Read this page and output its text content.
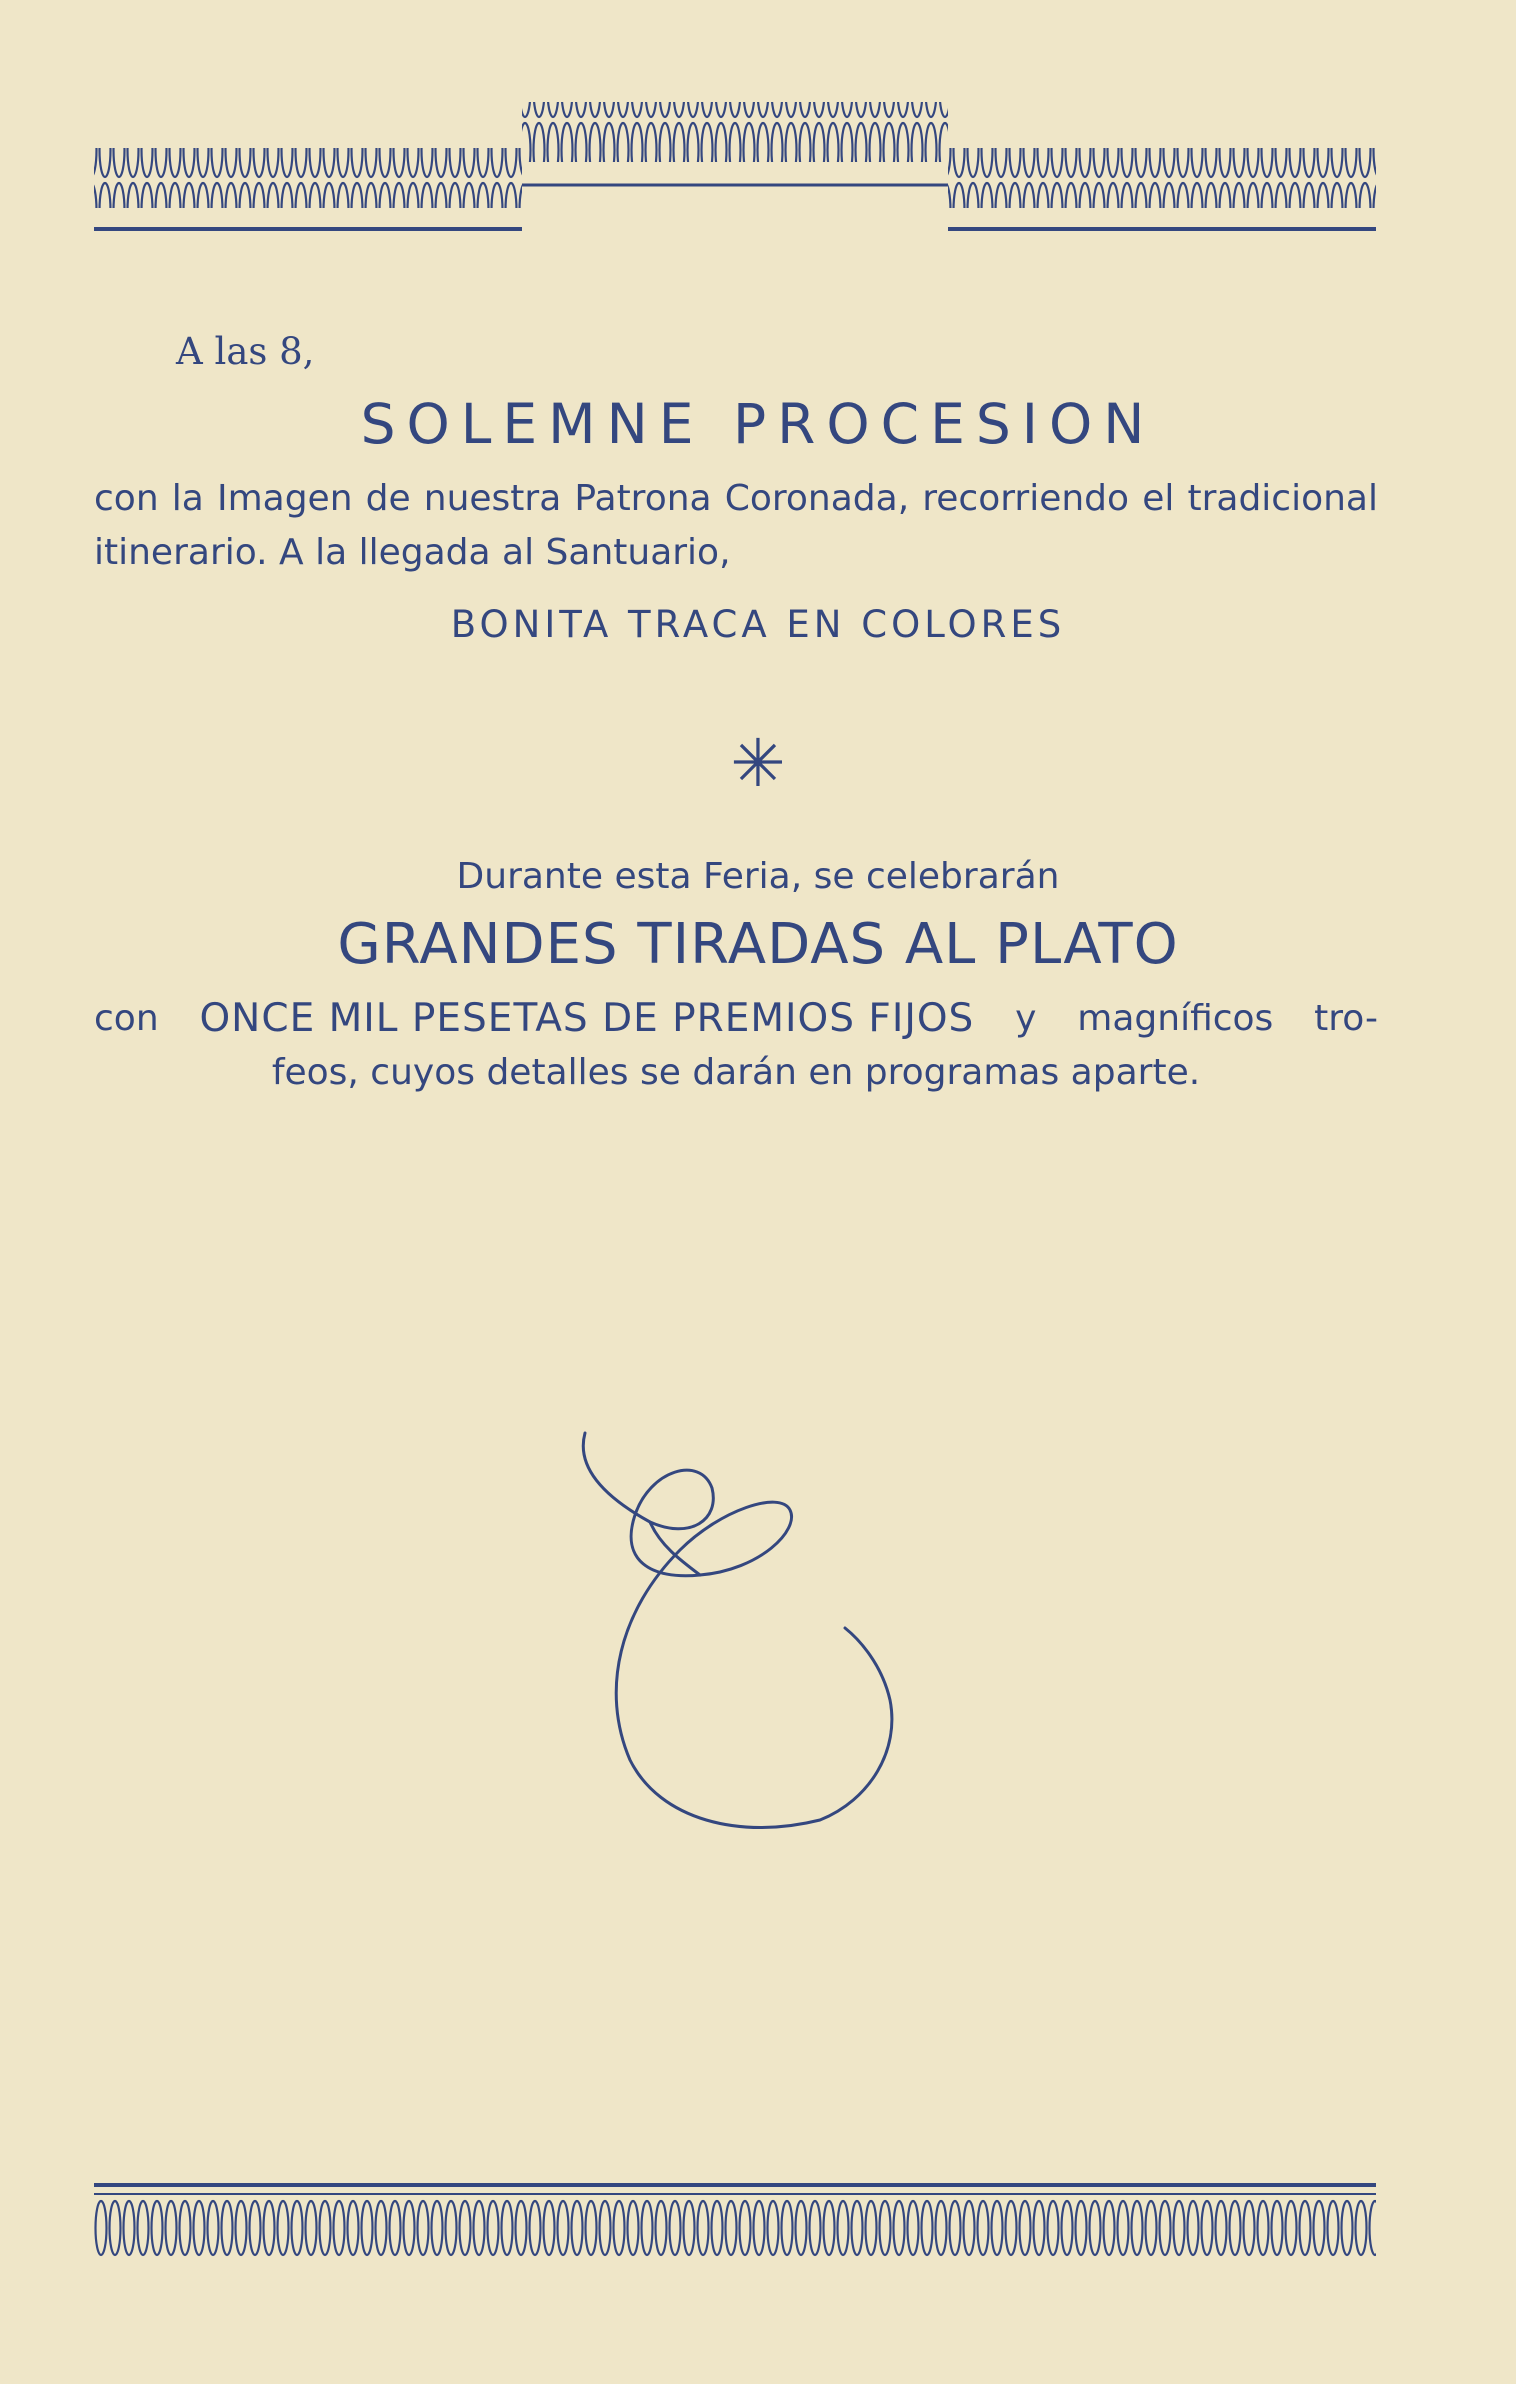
A las 8,
SOLEMNE PROCESION
con la Imagen de nuestra Patrona Coronada, recorriendo el tradicional
itinerario. A la llegada al Santuario,
BONITA TRACA EN COLORES
✳
Durante esta Feria, se celebrarán
GRANDES TIRADAS AL PLATO
con ONCE MIL PESETAS DE PREMIOS FIJOS y magníficos tro-
feos, cuyos detalles se darán en programas aparte.
